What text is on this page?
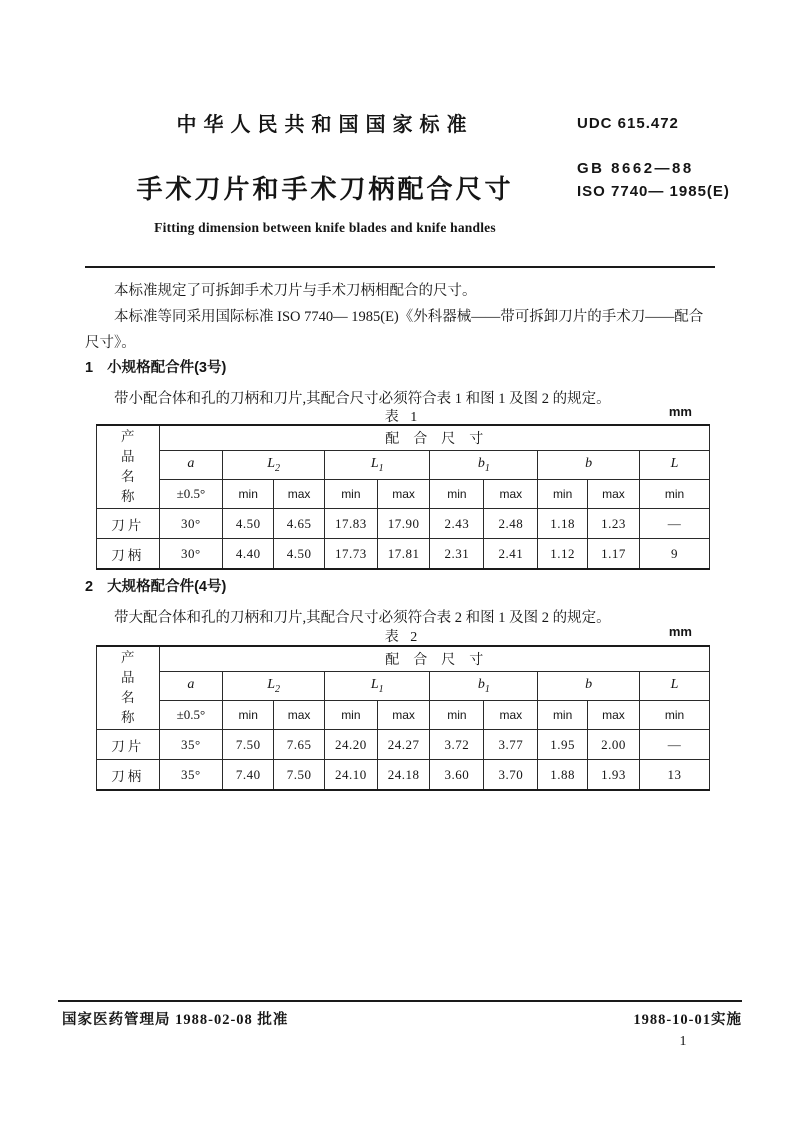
中华人民共和国国家标准
手术刀片和手术刀柄配合尺寸
Fitting dimension between knife blades and knife handles
UDC 615.472
GB 8662—88
ISO 7740— 1985(E)

本标准规定了可拆卸手术刀片与手术刀柄相配合的尺寸。

本标准等同采用国际标准 ISO 7740— 1985(E)《外科器械——带可拆卸刀片的手术刀——配合尺寸》。

1 小规格配合件(3号)

带小配合体和孔的刀柄和刀片,其配合尺寸必须符合表 1 和图 1 及图 2 的规定。

表 1	mm
产品名称	配合尺寸									
	a	$L_2$		$L_1$		$b_1$		b		L
	±0.5°	min	max	min	max	min	max	min	max	min
刀片	30°	4.50	4.65	17.83	17.90	2.43	2.48	1.18	1.23	—
刀柄	30°	4.40	4.50	17.73	17.81	2.31	2.41	1.12	1.17	9
2 大规格配合件(4号)

带大配合体和孔的刀柄和刀片,其配合尺寸必须符合表 2 和图 1 及图 2 的规定。

表 2	mm
产品名称	配合尺寸									
	a	$L_2$		$L_1$		$b_1$		b		L
	±0.5°	min	max	min	max	min	max	min	max	min
刀片	35°	7.50	7.65	24.20	24.27	3.72	3.77	1.95	2.00	—
刀柄	35°	7.40	7.50	24.10	24.18	3.60	3.70	1.88	1.93	13
国家医药管理局 1988-02-08 批准	1988-10-01实施
1
